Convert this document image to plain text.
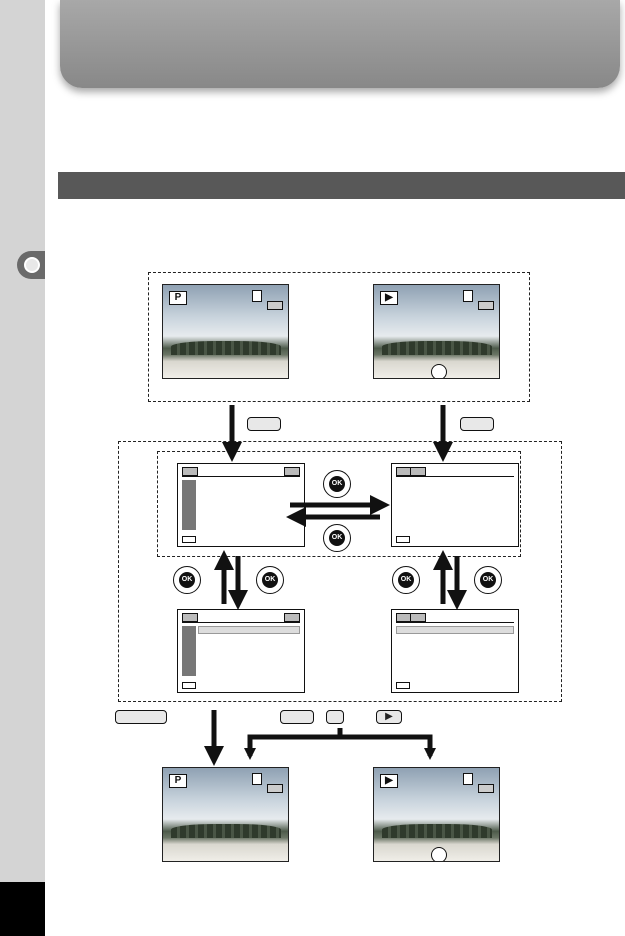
P	▶
OK
OK
OK	OK	OK	OK
▶
P	▶
